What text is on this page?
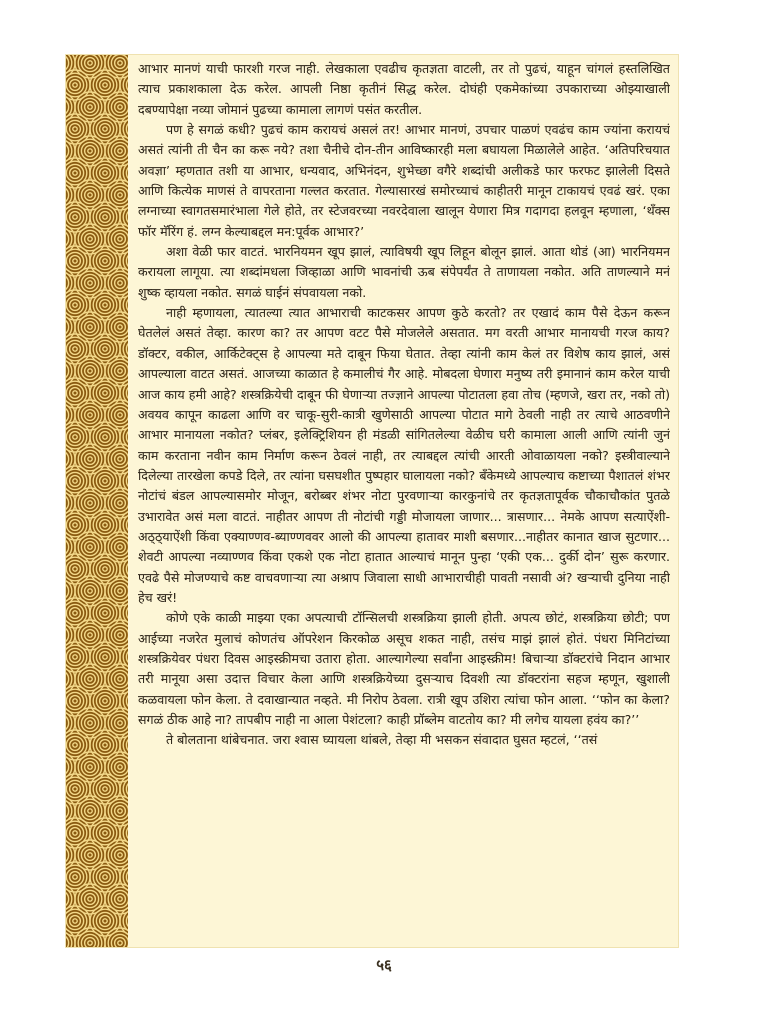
आभार मानणं याची फारशी गरज नाही. लेखकाला एवढीच कृतज्ञता वाटली, तर तो पुढचं, याहून चांगलं हस्तलिखित त्याच प्रकाशकाला देऊ करेल. आपली निष्ठा कृतीनं सिद्ध करेल. दोघंही एकमेकांच्या उपकाराच्या ओझ्याखाली दबण्यापेक्षा नव्या जोमानं पुढच्या कामाला लागणं पसंत करतील.

पण हे सगळं कधी? पुढचं काम करायचं असलं तर! आभार मानणं, उपचार पाळणं एवढंच काम ज्यांना करायचं असतं त्यांनी ती चैन का करू नये? तशा चैनीचे दोन-तीन आविष्कारही मला बघायला मिळालेले आहेत. ‘अतिपरिचयात अवज्ञा’ म्हणतात तशी या आभार, धन्यवाद, अभिनंदन, शुभेच्छा वगैरे शब्दांची अलीकडे फार फरफट झालेली दिसते आणि कित्येक माणसं ते वापरताना गल्लत करतात. गेल्यासारखं समोरच्याचं काहीतरी मानून टाकायचं एवढं खरं. एका लग्नाच्या स्वागतसमारंभाला गेले होते, तर स्टेजवरच्या नवरदेवाला खालून येणारा मित्र गदागदा हलवून म्हणाला, ‘थँक्स फॉर मॅरिंग हं. लग्न केल्याबद्दल मन:पूर्वक आभार?’

अशा वेळी फार वाटतं. भारनियमन खूप झालं, त्याविषयी खूप लिहून बोलून झालं. आता थोडं (आ) भारनियमन करायला लागूया. त्या शब्दांमधला जिव्हाळा आणि भावनांची ऊब संपेपर्यंत ते ताणायला नकोत. अति ताणल्याने मनं शुष्क व्हायला नकोत. सगळं घाईनं संपवायला नको.

नाही म्हणायला, त्यातल्या त्यात आभाराची काटकसर आपण कुठे करतो? तर एखादं काम पैसे देऊन करून घेतलेलं असतं तेव्हा. कारण का? तर आपण वटट पैसे मोजलेले असतात. मग वरती आभार मानायची गरज काय? डॉक्टर, वकील, आर्किटेक्ट्स हे आपल्या मते दाबून फिया घेतात. तेव्हा त्यांनी काम केलं तर विशेष काय झालं, असं आपल्याला वाटत असतं. आजच्या काळात हे कमालीचं गैर आहे. मोबदला घेणारा मनुष्य तरी इमानानं काम करेल याची आज काय हमी आहे? शस्त्रक्रियेची दाबून फी घेणाऱ्या तज्ज्ञाने आपल्या पोटातला हवा तोच (म्हणजे, खरा तर, नको तो) अवयव कापून काढला आणि वर चाकू-सुरी-कात्री खुणेसाठी आपल्या पोटात मागे ठेवली नाही तर त्याचे आठवणीने आभार मानायला नकोत? प्लंबर, इलेक्ट्रिशियन ही मंडळी सांगितलेल्या वेळीच घरी कामाला आली आणि त्यांनी जुनं काम करताना नवीन काम निर्माण करून ठेवलं नाही, तर त्याबद्दल त्यांची आरती ओवाळायला नको? इस्त्रीवाल्याने दिलेल्या तारखेला कपडे दिले, तर त्यांना घसघशीत पुष्पहार घालायला नको? बँकेमध्ये आपल्याच कष्टाच्या पैशातलं शंभर नोटांचं बंडल आपल्यासमोर मोजून, बरोब्बर शंभर नोटा पुरवणाऱ्या कारकुनांचे तर कृतज्ञतापूर्वक चौकाचौकांत पुतळे उभारावेत असं मला वाटतं. नाहीतर आपण ती नोटांची गड्डी मोजायला जाणार... त्रासणार... नेमके आपण सत्याऐंशी-अठ्ठ्याऐंशी किंवा एक्याण्णव-ब्याण्णववर आलो की आपल्या हातावर माशी बसणार...नाहीतर कानात खाज सुटणार... शेवटी आपल्या नव्याण्णव किंवा एकशे एक नोटा हातात आल्याचं मानून पुन्हा ‘एकी एक... दुर्की दोन’ सुरू करणार. एवढे पैसे मोजण्याचे कष्ट वाचवणाऱ्या त्या अश्राप जिवाला साधी आभाराचीही पावती नसावी अं? खऱ्याची दुनिया नाही हेच खरं!

कोणे एके काळी माझ्या एका अपत्याची टॉन्सिलची शस्त्रक्रिया झाली होती. अपत्य छोटं, शस्त्रक्रिया छोटी; पण आईच्या नजरेत मुलाचं कोणतंच ऑपरेशन किरकोळ असूच शकत नाही, तसंच माझं झालं होतं. पंधरा मिनिटांच्या शस्त्रक्रियेवर पंधरा दिवस आइस्क्रीमचा उतारा होता. आल्यागेल्या सर्वांना आइस्क्रीम! बिचाऱ्या डॉक्टरांचे निदान आभार तरी मानूया असा उदात्त विचार केला आणि शस्त्रक्रियेच्या दुसऱ्याच दिवशी त्या डॉक्टरांना सहज म्हणून, खुशाली कळवायला फोन केला. ते दवाखान्यात नव्हते. मी निरोप ठेवला. रात्री खूप उशिरा त्यांचा फोन आला. ‘‘फोन का केला? सगळं ठीक आहे ना? तापबीप नाही ना आला पेशंटला? काही प्रॉब्लेम वाटतोय का? मी लगेच यायला हवंय का?’’

ते बोलताना थांबेचनात. जरा श्वास घ्यायला थांबले, तेव्हा मी भसकन संवादात घुसत म्हटलं, ‘‘तसं

५६
